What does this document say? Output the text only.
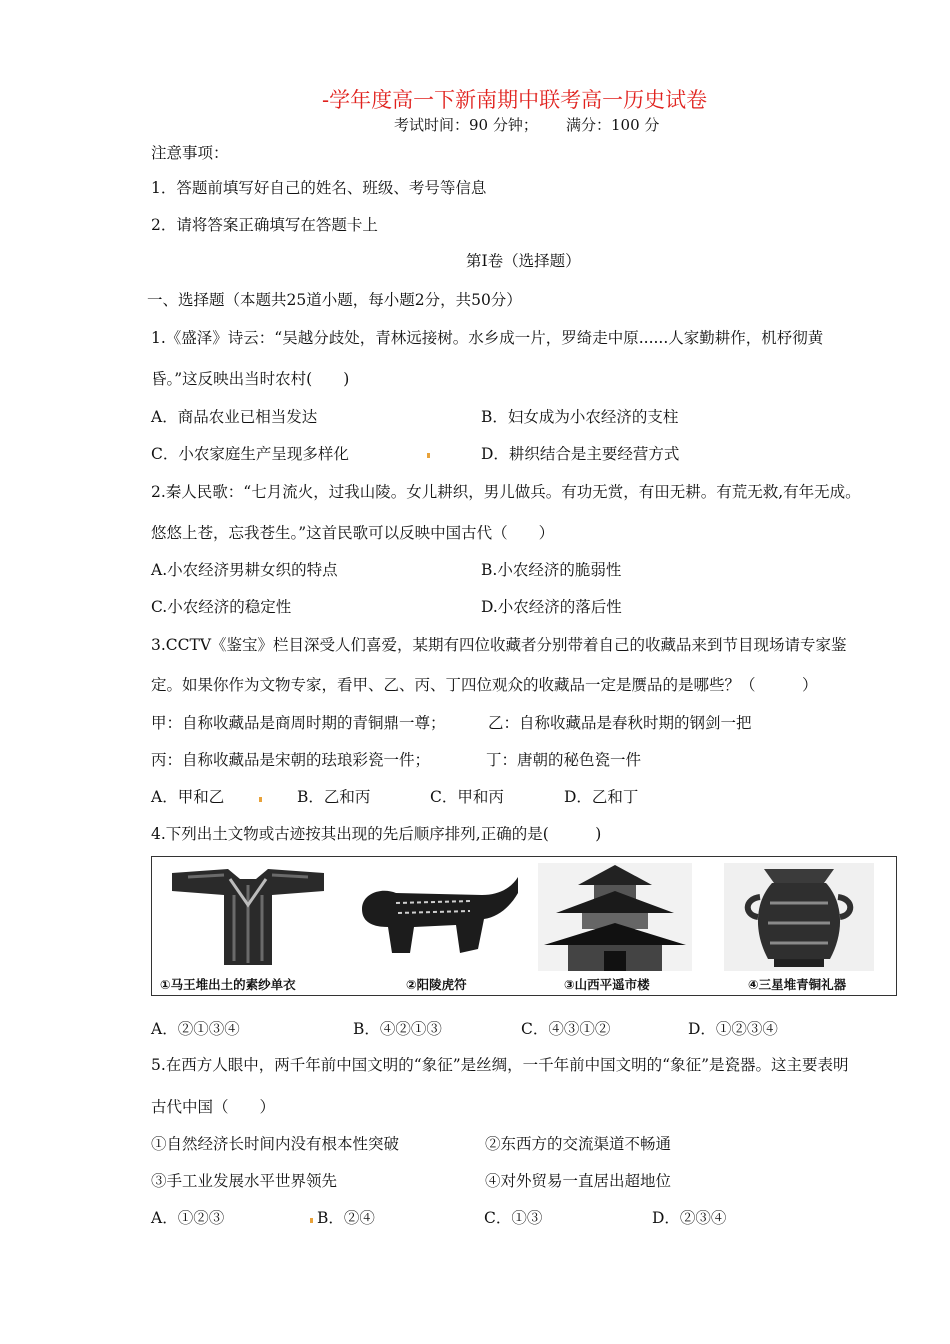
-学年度高一下新南期中联考高一历史试卷
考试时间：90 分钟； 满分：100 分
注意事项：
1．答题前填写好自己的姓名、班级、考号等信息
2．请将答案正确填写在答题卡上
第Ⅰ卷（选择题）
一、选择题（本题共25道小题，每小题2分，共50分）
1.《盛泽》诗云：“吴越分歧处，青林远接树。水乡成一片，罗绮走中原......人家勤耕作，机杼彻黄
昏。”这反映出当时农村(　　)
A．商品农业已相当发达	B．妇女成为小农经济的支柱
C．小农家庭生产呈现多样化	D．耕织结合是主要经营方式
2.秦人民歌：“七月流火，过我山陵。女儿耕织，男儿做兵。有功无赏，有田无耕。有荒无救,有年无成。
悠悠上苍，忘我苍生。”这首民歌可以反映中国古代（　　）
A.小农经济男耕女织的特点	B.小农经济的脆弱性
C.小农经济的稳定性	D.小农经济的落后性
3.CCTV《鉴宝》栏目深受人们喜爱，某期有四位收藏者分别带着自己的收藏品来到节目现场请专家鉴
定。如果你作为文物专家，看甲、乙、丙、丁四位观众的收藏品一定是赝品的是哪些？（　　　）
甲：自称收藏品是商周时期的青铜鼎一尊；	乙：自称收藏品是春秋时期的钢剑一把
丙：自称收藏品是宋朝的珐琅彩瓷一件；	丁：唐朝的秘色瓷一件
A．甲和乙	B．乙和丙	C．甲和丙	D．乙和丁
4.下列出土文物或古迹按其出现的先后顺序排列,正确的是(　　　)
①马王堆出土的素纱单衣	②阳陵虎符	③山西平遥市楼	④三星堆青铜礼器
A．②①③④	B．④②①③	C．④③①②	D．①②③④
5.在西方人眼中，两千年前中国文明的“象征”是丝绸，一千年前中国文明的“象征”是瓷器。这主要表明
古代中国（　　）
①自然经济长时间内没有根本性突破	②东西方的交流渠道不畅通
③手工业发展水平世界领先	④对外贸易一直居出超地位
A．①②③	B．②④	C．①③	D．②③④
